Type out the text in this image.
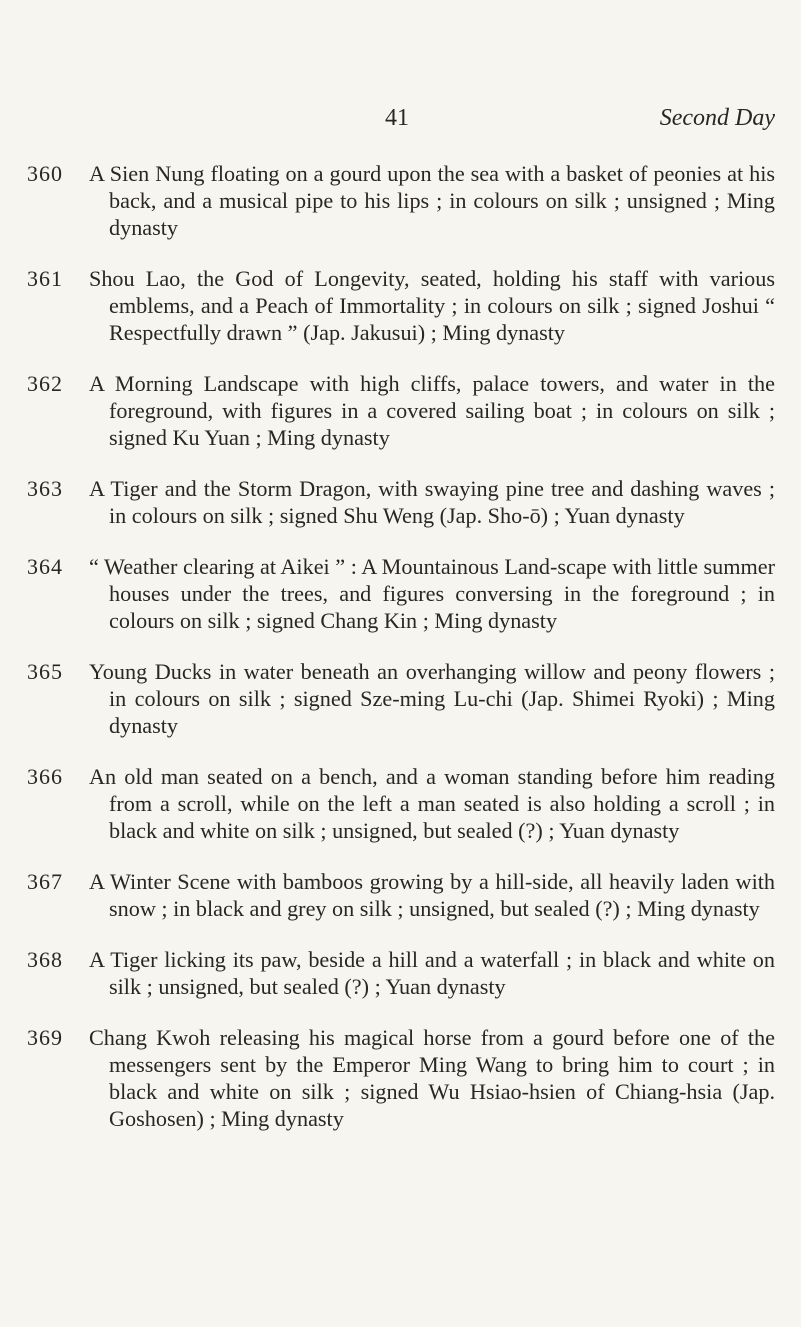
41	Second Day
360 A Sien Nung floating on a gourd upon the sea with a basket of peonies at his back, and a musical pipe to his lips ; in colours on silk ; unsigned ; Ming dynasty
361 Shou Lao, the God of Longevity, seated, holding his staff with various emblems, and a Peach of Immortality ; in colours on silk ; signed Joshui “ Respectfully drawn ” (Jap. Jakusui) ; Ming dynasty
362 A Morning Landscape with high cliffs, palace towers, and water in the foreground, with figures in a covered sailing boat ; in colours on silk ; signed Ku Yuan ; Ming dynasty
363 A Tiger and the Storm Dragon, with swaying pine tree and dashing waves ; in colours on silk ; signed Shu Weng (Jap. Sho-ō) ; Yuan dynasty
364 “ Weather clearing at Aikei ” : A Mountainous Land-scape with little summer houses under the trees, and figures conversing in the foreground ; in colours on silk ; signed Chang Kin ; Ming dynasty
365 Young Ducks in water beneath an overhanging willow and peony flowers ; in colours on silk ; signed Sze-ming Lu-chi (Jap. Shimei Ryoki) ; Ming dynasty
366 An old man seated on a bench, and a woman standing before him reading from a scroll, while on the left a man seated is also holding a scroll ; in black and white on silk ; unsigned, but sealed (?) ; Yuan dynasty
367 A Winter Scene with bamboos growing by a hill-side, all heavily laden with snow ; in black and grey on silk ; unsigned, but sealed (?) ; Ming dynasty
368 A Tiger licking its paw, beside a hill and a waterfall ; in black and white on silk ; unsigned, but sealed (?) ; Yuan dynasty
369 Chang Kwoh releasing his magical horse from a gourd before one of the messengers sent by the Emperor Ming Wang to bring him to court ; in black and white on silk ; signed Wu Hsiao-hsien of Chiang-hsia (Jap. Goshosen) ; Ming dynasty
